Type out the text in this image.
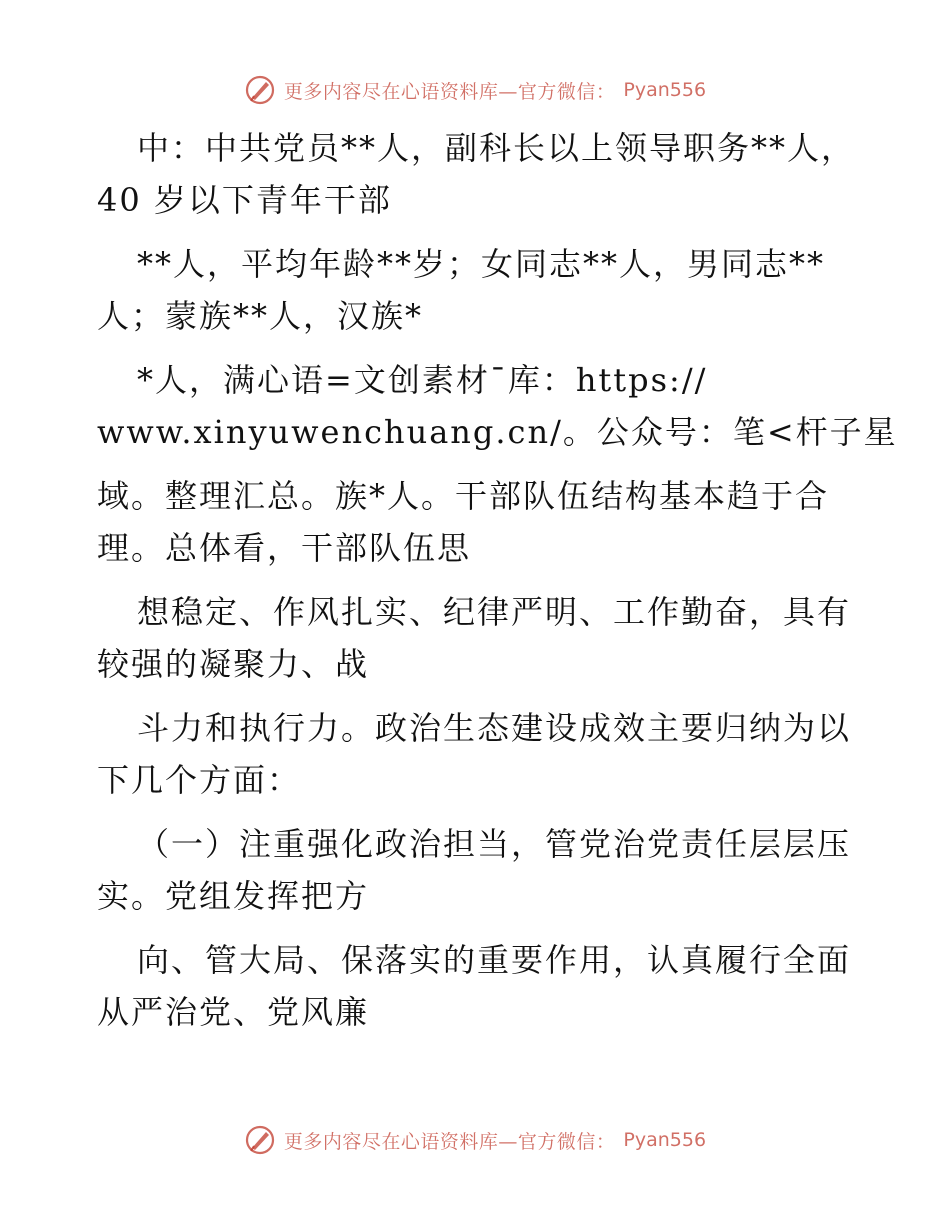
更多内容尽在心语资料库—官方微信： Pyan556
中：中共党员**人，副科长以上领导职务**人，
40 岁以下青年干部
**人，平均年龄**岁；女同志**人，男同志**
人；蒙族**人，汉族*
*人，满心语=文创素材¯库：https://
www.xinyuwenchuang.cn/。公众号：笔<杆子星
域。整理汇总。族*人。干部队伍结构基本趋于合
理。总体看，干部队伍思
想稳定、作风扎实、纪律严明、工作勤奋，具有
较强的凝聚力、战
斗力和执行力。政治生态建设成效主要归纳为以
下几个方面：
（一）注重强化政治担当，管党治党责任层层压
实。党组发挥把方
向、管大局、保落实的重要作用，认真履行全面
从严治党、党风廉
更多内容尽在心语资料库—官方微信： Pyan556
